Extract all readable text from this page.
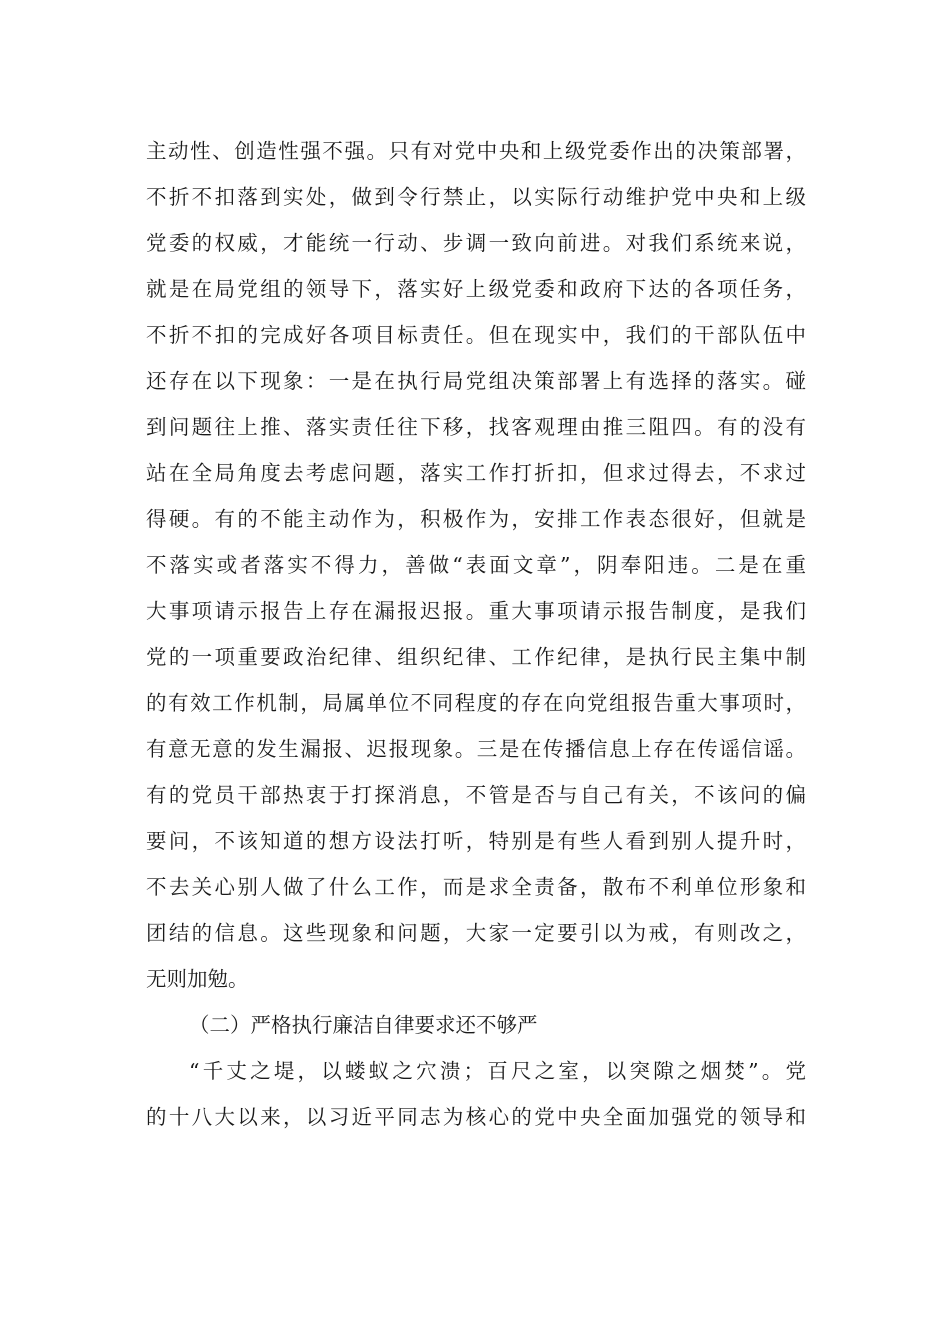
主动性、创造性强不强。只有对党中央和上级党委作出的决策部署，
不折不扣落到实处，做到令行禁止，以实际行动维护党中央和上级
党委的权威，才能统一行动、步调一致向前进。对我们系统来说，
就是在局党组的领导下，落实好上级党委和政府下达的各项任务，
不折不扣的完成好各项目标责任。但在现实中，我们的干部队伍中
还存在以下现象：一是在执行局党组决策部署上有选择的落实。碰
到问题往上推、落实责任往下移，找客观理由推三阻四。有的没有
站在全局角度去考虑问题，落实工作打折扣，但求过得去，不求过
得硬。有的不能主动作为，积极作为，安排工作表态很好，但就是
不落实或者落实不得力，善做“表面文章”，阴奉阳违。二是在重
大事项请示报告上存在漏报迟报。重大事项请示报告制度，是我们
党的一项重要政治纪律、组织纪律、工作纪律，是执行民主集中制
的有效工作机制，局属单位不同程度的存在向党组报告重大事项时，
有意无意的发生漏报、迟报现象。三是在传播信息上存在传谣信谣。
有的党员干部热衷于打探消息，不管是否与自己有关，不该问的偏
要问，不该知道的想方设法打听，特别是有些人看到别人提升时，
不去关心别人做了什么工作，而是求全责备，散布不利单位形象和
团结的信息。这些现象和问题，大家一定要引以为戒，有则改之，
无则加勉。
（二）严格执行廉洁自律要求还不够严
“千丈之堤，以蝼蚁之穴溃；百尺之室，以突隙之烟焚”。党
的十八大以来，以习近平同志为核心的党中央全面加强党的领导和
